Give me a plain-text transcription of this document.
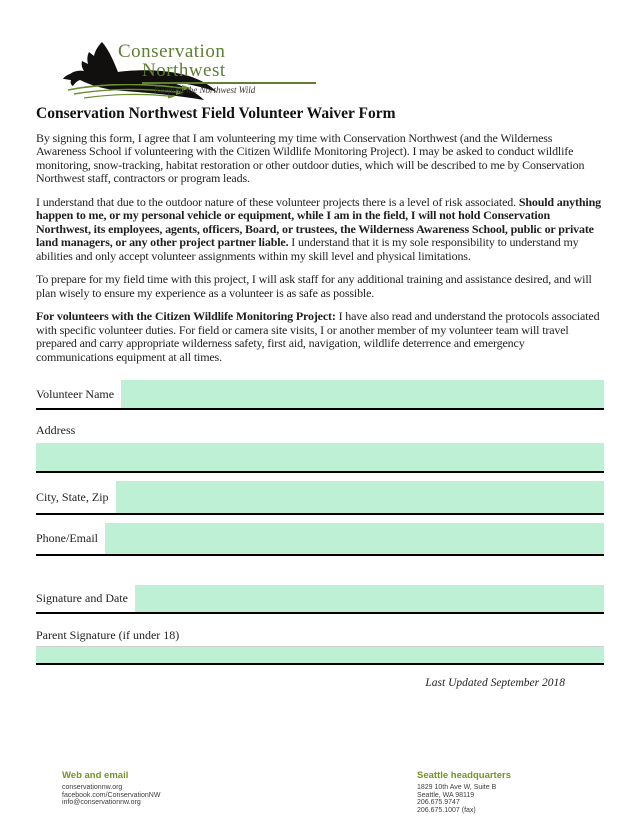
Conservation
Northwest
Keeping the Northwest Wild
Conservation Northwest Field Volunteer Waiver Form

By signing this form, I agree that I am volunteering my time with Conservation Northwest (and the Wilderness Awareness School if volunteering with the Citizen Wildlife Monitoring Project). I may be asked to conduct wildlife monitoring, snow-tracking, habitat restoration or other outdoor duties, which will be described to me by Conservation Northwest staff, contractors or program leads.

I understand that due to the outdoor nature of these volunteer projects there is a level of risk associated. Should anything happen to me, or my personal vehicle or equipment, while I am in the field, I will not hold Conservation Northwest, its employees, agents, officers, Board, or trustees, the Wilderness Awareness School, public or private land managers, or any other project partner liable. I understand that it is my sole responsibility to understand my abilities and only accept volunteer assignments within my skill level and physical limitations.

To prepare for my field time with this project, I will ask staff for any additional training and assistance desired, and will plan wisely to ensure my experience as a volunteer is as safe as possible.

For volunteers with the Citizen Wildlife Monitoring Project: I have also read and understand the protocols associated with specific volunteer duties. For field or camera site visits, I or another member of my volunteer team will travel prepared and carry appropriate wilderness safety, first aid, navigation, wildlife deterrence and emergency communications equipment at all times.

Volunteer Name
Address
City, State, Zip
Phone/Email
Signature and Date
Parent Signature (if under 18)
Last Updated September 2018
Web and email
conservationnw.org
facebook.com/ConservationNW
info@conservationnw.org
Seattle headquarters
1829 10th Ave W, Suite B
Seattle, WA 98119
206.675.9747
206.675.1007 (fax)
